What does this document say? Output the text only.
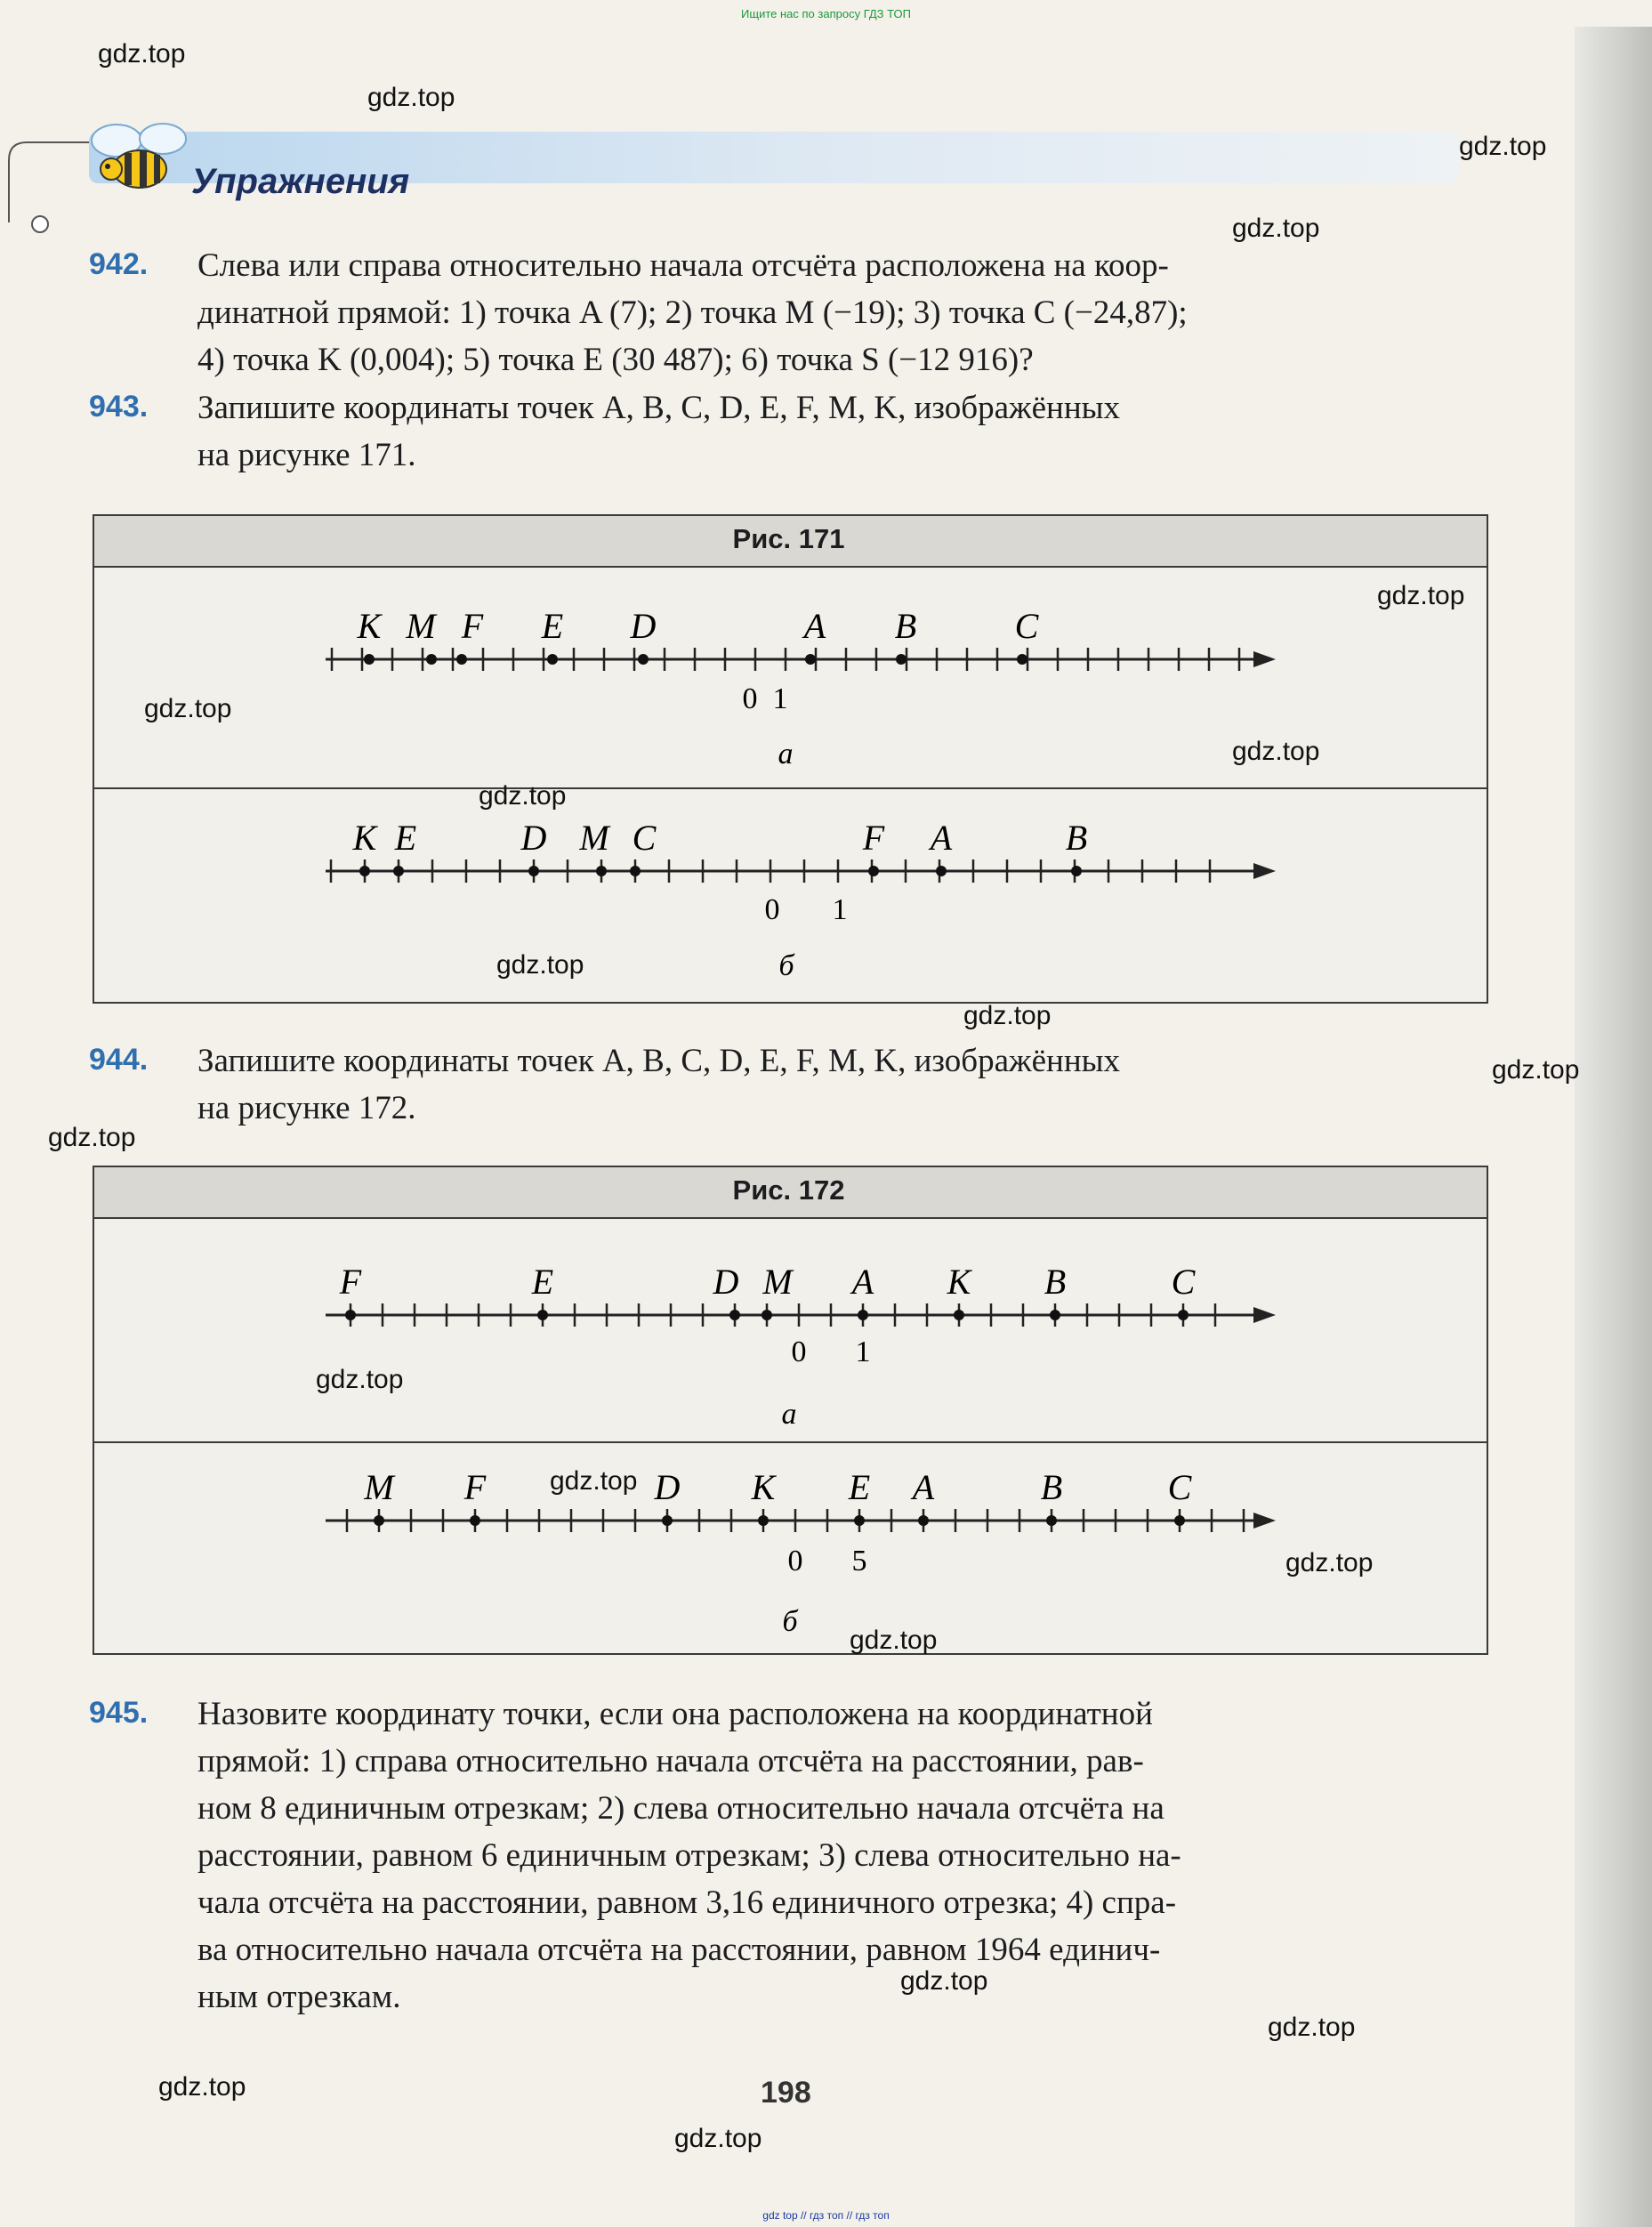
Ищите нас по запросу ГДЗ ТОП
Упражнения
942. Слева или справа относительно начала отсчёта расположена на коор-
динатной прямой: 1) точка A (7); 2) точка M (−19); 3) точка C (−24,87);
4) точка K (0,004); 5) точка E (30 487); 6) точка S (−12 916)?
943. Запишите координаты точек A, B, C, D, E, F, M, K, изображённых
на рисунке 171.
Рис. 171
K M F E D	A B	C
0 1
а
K E	D M C	F A	B
0 1
б
944. Запишите координаты точек A, B, C, D, E, F, M, K, изображённых
на рисунке 172.
Рис. 172
F	E	D M A K B	C
0 1
а
M F	D K E A	B	C
0 5
б
945. Назовите координату точки, если она расположена на координатной
прямой: 1) справа относительно начала отсчёта на расстоянии, рав-
ном 8 единичным отрезкам; 2) слева относительно начала отсчёта на
расстоянии, равном 6 единичным отрезкам; 3) слева относительно на-
чала отсчёта на расстоянии, равном 3,16 единичного отрезка; 4) спра-
ва относительно начала отсчёта на расстоянии, равном 1964 единич-
ным отрезкам.
198
gdz.top
gdz.top
gdz.top
gdz.top
gdz.top
gdz.top
gdz.top
gdz.top
gdz.top
gdz.top
gdz.top
gdz.top
gdz.top
gdz.top
gdz.top
gdz.top
gdz.top
gdz.top
gdz.top
gdz.top
gdz top // гдз топ // гдз топ
